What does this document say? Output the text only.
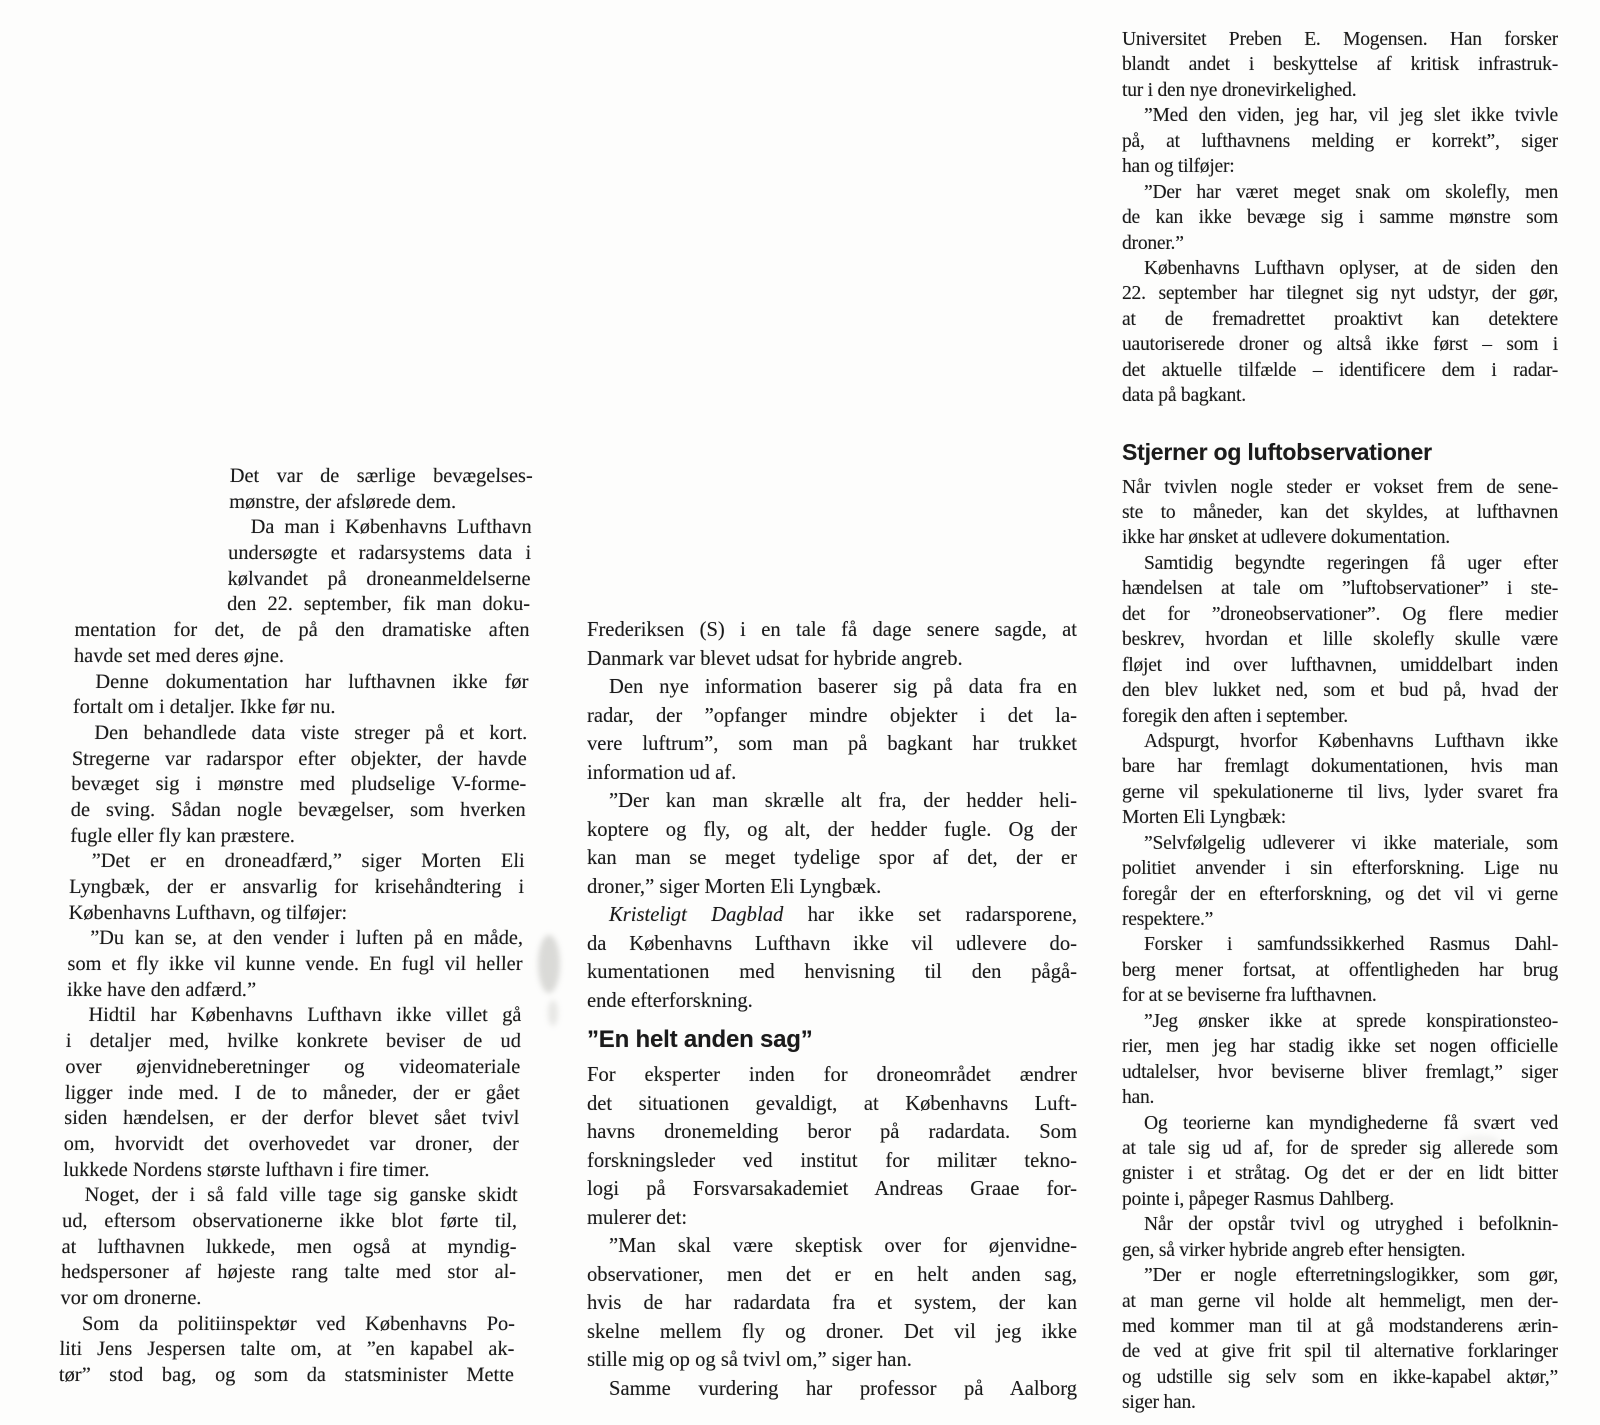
Det var de særlige bevægelses-
mønstre, der afslørede dem.
Da man i Københavns Lufthavn
undersøgte et radarsystems data i
kølvandet på droneanmeldelserne
den 22. september, fik man doku-
mentation for det, de på den dramatiske aften
havde set med deres øjne.
Denne dokumentation har lufthavnen ikke før
fortalt om i detaljer. Ikke før nu.
Den behandlede data viste streger på et kort.
Stregerne var radarspor efter objekter, der havde
bevæget sig i mønstre med pludselige V-forme-
de sving. Sådan nogle bevægelser, som hverken
fugle eller fly kan præstere.
”Det er en droneadfærd,” siger Morten Eli
Lyngbæk, der er ansvarlig for krisehåndtering i
Københavns Lufthavn, og tilføjer:
”Du kan se, at den vender i luften på en måde,
som et fly ikke vil kunne vende. En fugl vil heller
ikke have den adfærd.”
Hidtil har Københavns Lufthavn ikke villet gå
i detaljer med, hvilke konkrete beviser de ud
over øjenvidneberetninger og videomateriale
ligger inde med. I de to måneder, der er gået
siden hændelsen, er der derfor blevet sået tvivl
om, hvorvidt det overhovedet var droner, der
lukkede Nordens største lufthavn i fire timer.
Noget, der i så fald ville tage sig ganske skidt
ud, eftersom observationerne ikke blot førte til,
at lufthavnen lukkede, men også at myndig-
hedspersoner af højeste rang talte med stor al-
vor om dronerne.
Som da politiinspektør ved Københavns Po-
liti Jens Jespersen talte om, at ”en kapabel ak-
tør” stod bag, og som da statsminister Mette
Frederiksen (S) i en tale få dage senere sagde, at
Danmark var blevet udsat for hybride angreb.
Den nye information baserer sig på data fra en
radar, der ”opfanger mindre objekter i det la-
vere luftrum”, som man på bagkant har trukket
information ud af.
”Der kan man skrælle alt fra, der hedder heli-
koptere og fly, og alt, der hedder fugle. Og der
kan man se meget tydelige spor af det, der er
droner,” siger Morten Eli Lyngbæk.
Kristeligt Dagblad har ikke set radarsporene,
da Københavns Lufthavn ikke vil udlevere do-
kumentationen med henvisning til den pågå-
ende efterforskning.
”En helt anden sag”
For eksperter inden for droneområdet ændrer
det situationen gevaldigt, at Københavns Luft-
havns dronemelding beror på radardata. Som
forskningsleder ved institut for militær tekno-
logi på Forsvarsakademiet Andreas Graae for-
mulerer det:
”Man skal være skeptisk over for øjenvidne-
observationer, men det er en helt anden sag,
hvis de har radardata fra et system, der kan
skelne mellem fly og droner. Det vil jeg ikke
stille mig op og så tvivl om,” siger han.
Samme vurdering har professor på Aalborg
Universitet Preben E. Mogensen. Han forsker
blandt andet i beskyttelse af kritisk infrastruk-
tur i den nye dronevirkelighed.
”Med den viden, jeg har, vil jeg slet ikke tvivle
på, at lufthavnens melding er korrekt”, siger
han og tilføjer:
”Der har været meget snak om skolefly, men
de kan ikke bevæge sig i samme mønstre som
droner.”
Københavns Lufthavn oplyser, at de siden den
22. september har tilegnet sig nyt udstyr, der gør,
at de fremadrettet proaktivt kan detektere
uautoriserede droner og altså ikke først – som i
det aktuelle tilfælde – identificere dem i radar-
data på bagkant.
Stjerner og luftobservationer
Når tvivlen nogle steder er vokset frem de sene-
ste to måneder, kan det skyldes, at lufthavnen
ikke har ønsket at udlevere dokumentation.
Samtidig begyndte regeringen få uger efter
hændelsen at tale om ”luftobservationer” i ste-
det for ”droneobservationer”. Og flere medier
beskrev, hvordan et lille skolefly skulle være
fløjet ind over lufthavnen, umiddelbart inden
den blev lukket ned, som et bud på, hvad der
foregik den aften i september.
Adspurgt, hvorfor Københavns Lufthavn ikke
bare har fremlagt dokumentationen, hvis man
gerne vil spekulationerne til livs, lyder svaret fra
Morten Eli Lyngbæk:
”Selvfølgelig udleverer vi ikke materiale, som
politiet anvender i sin efterforskning. Lige nu
foregår der en efterforskning, og det vil vi gerne
respektere.”
Forsker i samfundssikkerhed Rasmus Dahl-
berg mener fortsat, at offentligheden har brug
for at se beviserne fra lufthavnen.
”Jeg ønsker ikke at sprede konspirationsteo-
rier, men jeg har stadig ikke set nogen officielle
udtalelser, hvor beviserne bliver fremlagt,” siger
han.
Og teorierne kan myndighederne få svært ved
at tale sig ud af, for de spreder sig allerede som
gnister i et stråtag. Og det er der en lidt bitter
pointe i, påpeger Rasmus Dahlberg.
Når der opstår tvivl og utryghed i befolknin-
gen, så virker hybride angreb efter hensigten.
”Der er nogle efterretningslogikker, som gør,
at man gerne vil holde alt hemmeligt, men der-
med kommer man til at gå modstanderens ærin-
de ved at give frit spil til alternative forklaringer
og udstille sig selv som en ikke-kapabel aktør,”
siger han.
